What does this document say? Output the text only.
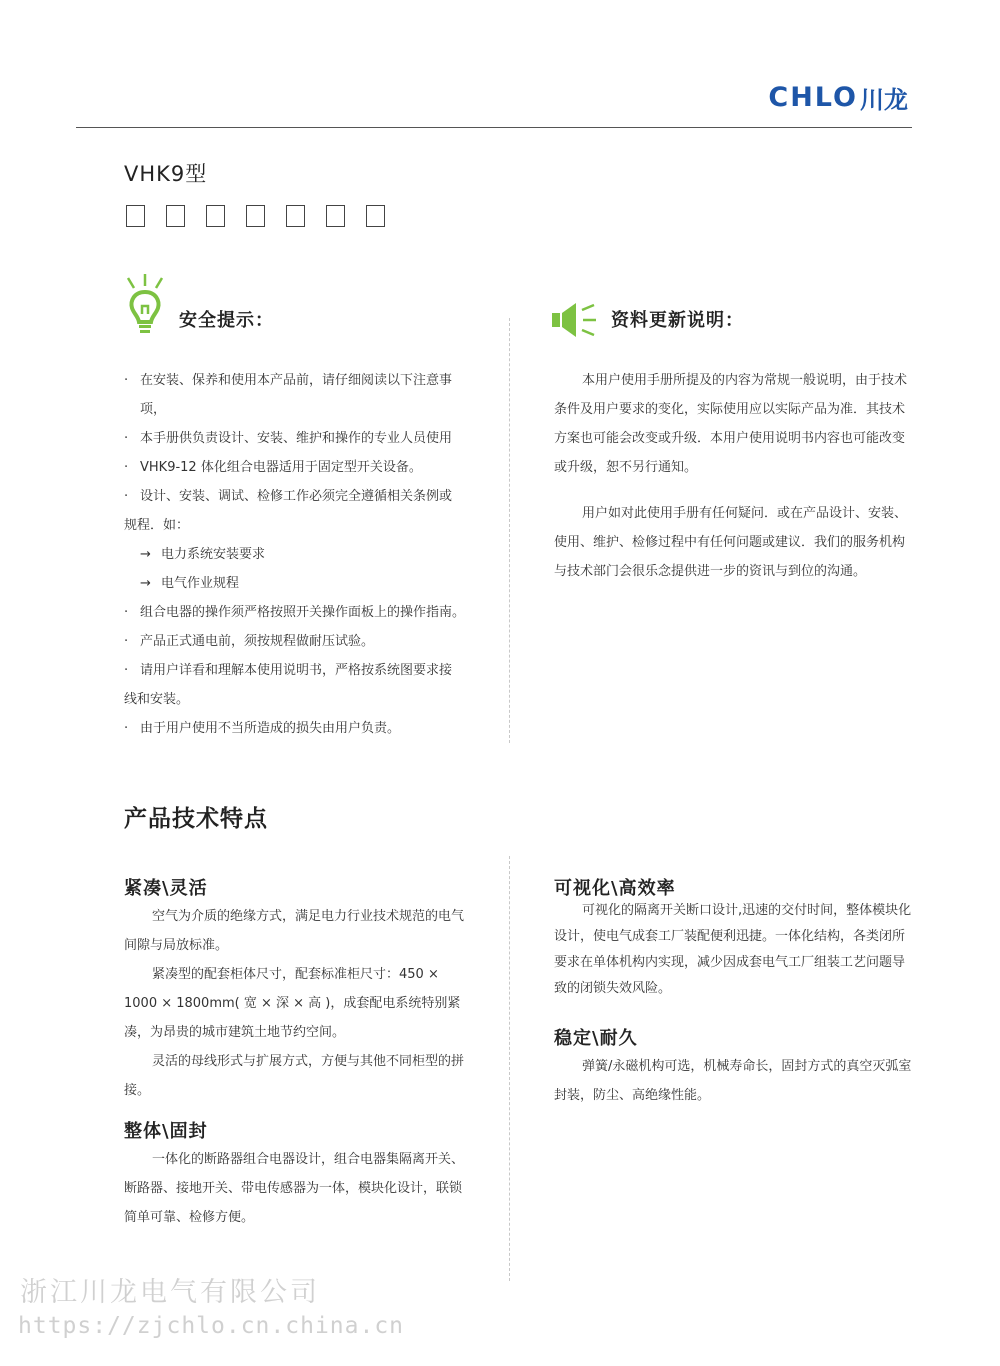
CHLO 川龙
VHK9型
安全提示：
· 在安装、保养和使用本产品前，请仔细阅读以下注意事项，
· 本手册供负责设计、安装、维护和操作的专业人员使用
· VHK9-12 体化组合电器适用于固定型开关设备。
· 设计、安装、调试、检修工作必须完全遵循相关条例或
规程．如：
→ 电力系统安装要求
→ 电气作业规程
· 组合电器的操作须严格按照开关操作面板上的操作指南。
· 产品正式通电前，须按规程做耐压试验。
· 请用户详看和理解本使用说明书，严格按系统图要求接
线和安装。
· 由于用户使用不当所造成的损失由用户负责。
资料更新说明：
本用户使用手册所提及的内容为常规一般说明，由于技术条件及用户要求的变化，实际使用应以实际产品为准．其技术方案也可能会改变或升级．本用户使用说明书内容也可能改变或升级，恕不另行通知。
用户如对此使用手册有任何疑问．或在产品设计、安装、使用、维护、检修过程中有任何问题或建议．我们的服务机构与技术部门会很乐念提供进一步的资讯与到位的沟通。
产品技术特点
紧凑\灵活
空气为介质的绝缘方式，满足电力行业技术规范的电气间隙与局放标准。
紧凑型的配套柜体尺寸，配套标准柜尺寸：450 × 1000 × 1800mm( 宽 × 深 × 高 )，成套配电系统特别紧凑，为昂贵的城市建筑土地节约空间。
灵活的母线形式与扩展方式，方便与其他不同柜型的拼接。
整体\固封
一体化的断路器组合电器设计，组合电器集隔离开关、断路器、接地开关、带电传感器为一体，模块化设计，联锁简单可靠、检修方便。
可视化\高效率
可视化的隔离开关断口设计,迅速的交付时间，整体模块化设计，使电气成套工厂装配便利迅捷。一体化结构，各类闭所要求在单体机构内实现，减少因成套电气工厂组装工艺问题导致的闭锁失效风险。
稳定\耐久
弹簧/永磁机构可选，机械寿命长，固封方式的真空灭弧室封装，防尘、高绝缘性能。
浙江川龙电气有限公司
https://zjchlo.cn.china.cn
